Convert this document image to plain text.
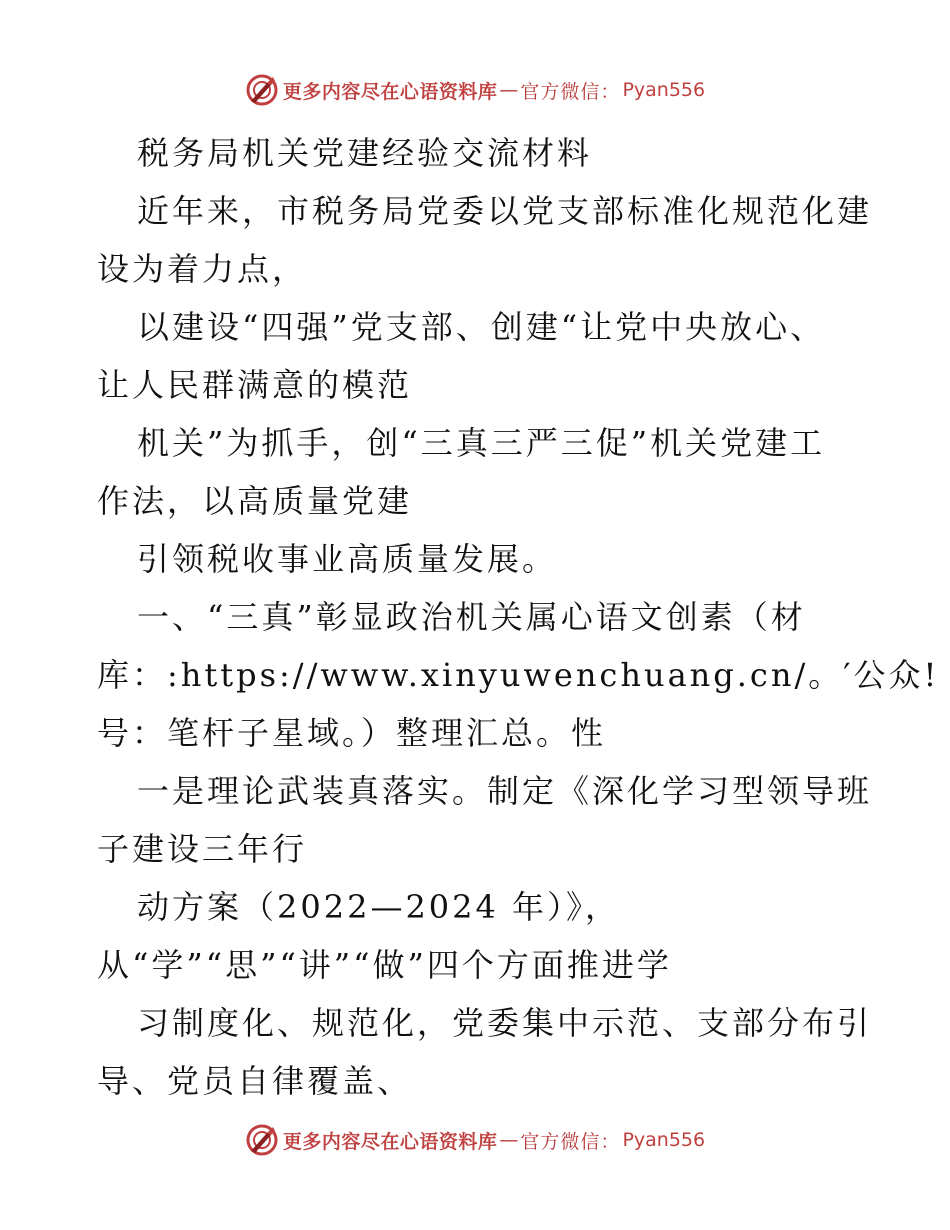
更多内容尽在心语资料库 — 官方微信： Pyan556
税务局机关党建经验交流材料
近年来，市税务局党委以党支部标准化规范化建
设为着力点，
以建设“四强”党支部、创建“让党中央放心、
让人民群满意的模范
机关”为抓手，创“三真三严三促”机关党建工
作法，以高质量党建
引领税收事业高质量发展。
一、“三真”彰显政治机关属心语文创素（材
库：:https://www.xinyuwenchuang.cn/。′公众!
号：笔杆子星域。）整理汇总。性
一是理论武装真落实。制定《深化学习型领导班
子建设三年行
动方案（2022—2024 年）》，
从“学”“思”“讲”“做”四个方面推进学
习制度化、规范化，党委集中示范、支部分布引
导、党员自律覆盖、
更多内容尽在心语资料库 — 官方微信： Pyan556
